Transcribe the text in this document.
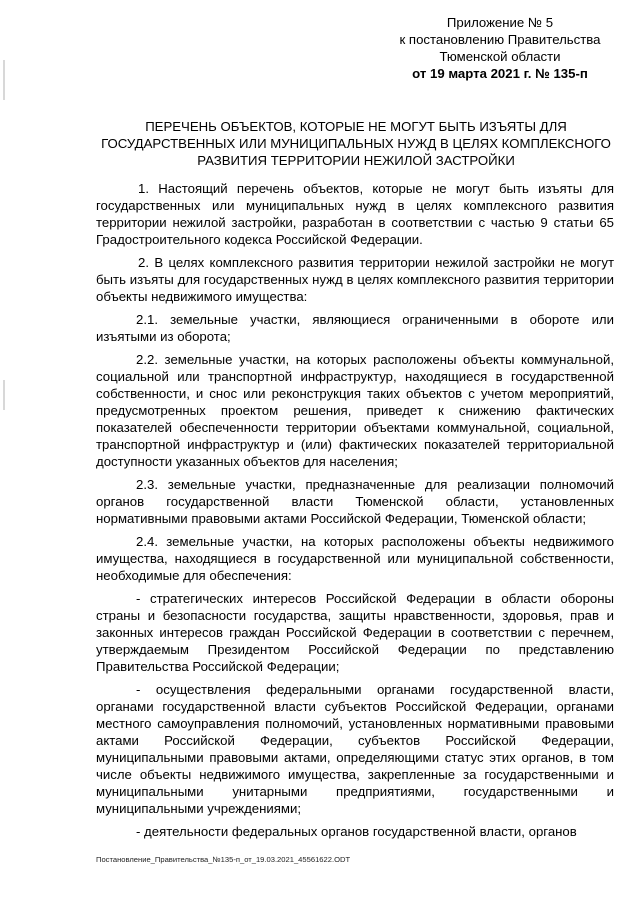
Приложение № 5
к постановлению Правительства
Тюменской области
от 19 марта 2021 г. № 135-п
ПЕРЕЧЕНЬ ОБЪЕКТОВ, КОТОРЫЕ НЕ МОГУТ БЫТЬ ИЗЪЯТЫ ДЛЯ ГОСУДАРСТВЕННЫХ ИЛИ МУНИЦИПАЛЬНЫХ НУЖД В ЦЕЛЯХ КОМПЛЕКСНОГО РАЗВИТИЯ ТЕРРИТОРИИ НЕЖИЛОЙ ЗАСТРОЙКИ

1. Настоящий перечень объектов, которые не могут быть изъяты для государственных или муниципальных нужд в целях комплексного развития территории нежилой застройки, разработан в соответствии с частью 9 статьи 65 Градостроительного кодекса Российской Федерации.

2. В целях комплексного развития территории нежилой застройки не могут быть изъяты для государственных нужд в целях комплексного развития территории объекты недвижимого имущества:

2.1. земельные участки, являющиеся ограниченными в обороте или изъятыми из оборота;

2.2. земельные участки, на которых расположены объекты коммунальной, социальной или транспортной инфраструктур, находящиеся в государственной собственности, и снос или реконструкция таких объектов с учетом мероприятий, предусмотренных проектом решения, приведет к снижению фактических показателей обеспеченности территории объектами коммунальной, социальной, транспортной инфраструктур и (или) фактических показателей территориальной доступности указанных объектов для населения;

2.3. земельные участки, предназначенные для реализации полномочий органов государственной власти Тюменской области, установленных нормативными правовыми актами Российской Федерации, Тюменской области;

2.4. земельные участки, на которых расположены объекты недвижимого имущества, находящиеся в государственной или муниципальной собственности, необходимые для обеспечения:

- стратегических интересов Российской Федерации в области обороны страны и безопасности государства, защиты нравственности, здоровья, прав и законных интересов граждан Российской Федерации в соответствии с перечнем, утверждаемым Президентом Российской Федерации по представлению Правительства Российской Федерации;

- осуществления федеральными органами государственной власти, органами государственной власти субъектов Российской Федерации, органами местного самоуправления полномочий, установленных нормативными правовыми актами Российской Федерации, субъектов Российской Федерации, муниципальными правовыми актами, определяющими статус этих органов, в том числе объекты недвижимого имущества, закрепленные за государственными и муниципальными унитарными предприятиями, государственными и муниципальными учреждениями;

- деятельности федеральных органов государственной власти, органов

Постановление_Правительства_№135-п_от_19.03.2021_45561622.ODT
